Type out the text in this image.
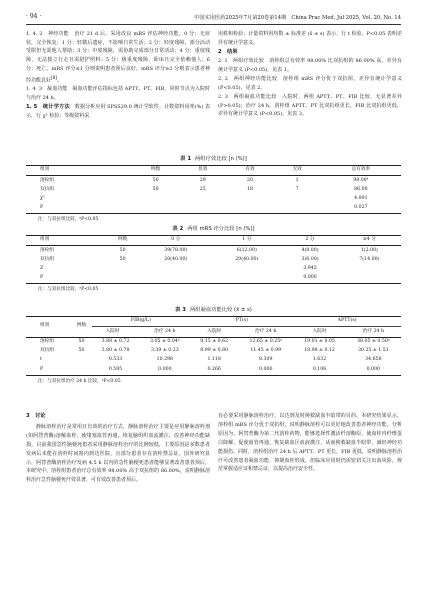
· 94 ·	中国实用医药2025年7月第20卷第14期　China Prac Med, Jul 2025, Vol. 20, No. 14

1. 4. 2　神经功能　治疗 21 d 后，采用改良 mRS 评估神经功能，0 分：无症状，完全恢复；1 分：轻微后遗症，不影响日常生活；2 分：轻度残障，部分活动受限但无需他人帮助；3 分：中度残障，需协助完成部分日常活动；4 分：重度残障，无法独立行走且需陪护照料；5 分：极重度残障，卧床且完全依赖他人；6 分：死亡。mRS 评分≤1 分则说明患者预后良好，mRS 评分≥2 分则表示患者神经功能良好[8]。

1. 4. 3　凝血功能　凝血功能评估指标包括 APTT、PT、FIB，同时节点为入院时与治疗 24 h。

1. 5　统计学方法　 数据分析应用 SPSS29.0 统计学软件。计数资料用率(%) 表示，行 χ² 检验；等级资料采

用秩和检验；计量资料用均数 ± 标准差 (x̄ ± s) 表示，行 t 检验。P<0.05 表明差异有统计学意义。

2　结果

2. 1　两组疗效比较　溶栓组总有效率 98.00% 比双抗组的 86.00% 高，差异有统计学意义 (P<0.05)，见表 1。

2. 2　两组神经功能比较　溶栓组 mRS 评分优于双抗组，差异有统计学意义 (P<0.05)，见表 2。

2. 3　两组凝血功能比较　入院时，两组 APTT、PT、FIB 比较，无显著差异 (P>0.05)；治疗 24 h，溶栓组 APTT、PT 比双抗组更长，FIB 比双抗组更低，差异有统计学意义 (P<0.05)，见表 3。

表 1 两组疗效比较 [n (%)]
组别	例数	显效	有效	无效	总有效率
溶栓组	50	29	20	1	98.00ᵃ
双抗组	50	25	18	7	86.00
χ²					4.891
P					0.027
注：与双抗组比较，ᵃP<0.05
表 2 两组 mRS 评分比较 [n (%)]
组别	例数	0 分	1 分	2 分	≥4 分
溶栓组	50	39(78.00)	6(12.00)	4(8.00)	1(2.00)
双抗组	50	20(40.00)	20(40.00)	3(6.00)	7(14.00)
Z				3.945	
P				0.000	
注：与双抗组比较，ᵃP<0.05
表 3 两组凝血功能比较 (x̄ ± s)
组别	例数	FIB(g/L)		PT(s)		APTT(s)	
		入院时	治疗 24 h	入院时	治疗 24 h	入院时	治疗 24 h
溶栓组	50	3.88 ± 0.72	3.05 ± 0.04ᵃ	9.15 ± 0.62	12.65 ± 0.25ᵃ	19.01 ± 0.05	38.05 ± 0.50ᵃ
双抗组	50	3.80 ± 0.78	3.39 ± 0.23	8.99 ± 0.80	11.45 ± 0.99	18.98 ± 0.12	30.25 ± 1.51
t		0.533	10.298	1.118	8.309	1.632	34.658
P		0.595	0.000	0.266	0.000	0.106	0.000
注：与双抗组治疗 24 h 比较，ᵃP<0.05

3　讨论

静脉溶栓治疗是常用且有效的治疗方式，静脉溶栓治疗主要是应用静脉溶栓剂(如阿替普酶)溶解血栓，使堵塞血管再通，恢复脑组织血流灌注，改善神经功能缺损。目前我国急性脑梗死患者采用静脉溶栓治疗的比例较低，主要原因是多数患者发病后未能在溶栓时间窗内到达医院，且部分患者存在溶栓禁忌证。国外研究显示，阿替普酶溶栓治疗发病 4.5 h 以内的急性脑梗死患者能够显著改善患者预后。本研究中，溶栓组患者治疗总有效率 98.00% 高于双抗组的 86.00%，说明静脉溶栓治疗急性脑梗死疗效显著，可有效改善患者预后。

有必要采用静脉溶栓治疗，以达到及时挽救缺血半暗带的目的。本研究结果显示，溶栓组 mRS 评分优于双抗组，说明静脉溶栓可以更好地改善患者神经功能。分析原因为，阿替普酶为第二代溶栓药物，能够选择性激活纤溶酶原，使血栓内纤维蛋白降解，促使血管再通，恢复缺血区血液灌注，从而挽救缺血半暗带，减轻神经功能损伤。同时，溶栓组治疗 24 h 后 APTT、PT 更长，FIB 更低，说明静脉溶栓治疗可改善患者凝血功能，抑制血栓形成，但临床应用时仍需密切关注出血风险，规范掌握适应证和禁忌证，以提高治疗安全性。
